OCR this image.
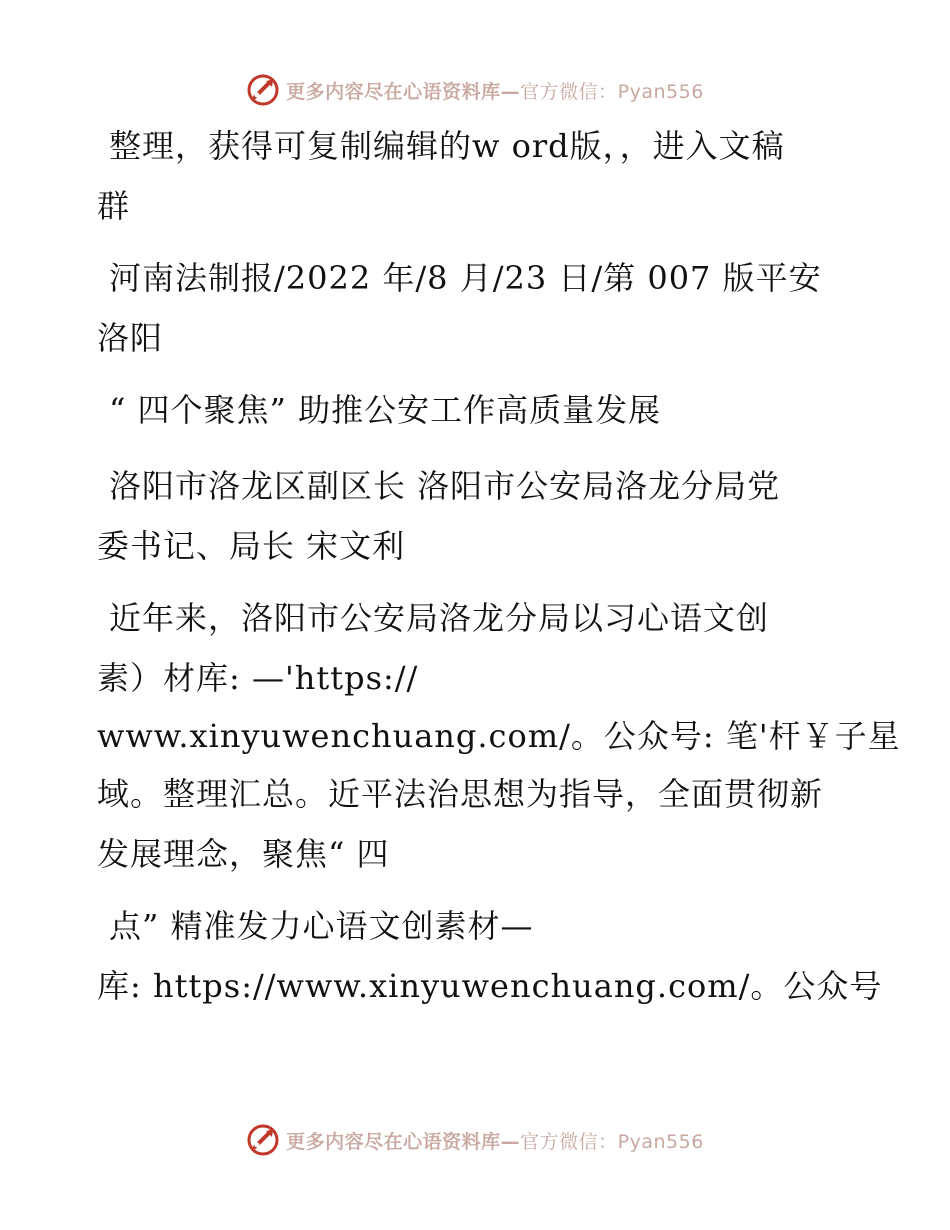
更多内容尽在心语资料库—官方微信：Pyan556
整理，获得可复制编辑的w ord版，，进入文稿
群
河南法制报/2022 年/8 月/23 日/第 007 版平安
洛阳
“ 四个聚焦” 助推公安工作高质量发展
洛阳市洛龙区副区长 洛阳市公安局洛龙分局党
委书记、局长 宋文利
近年来，洛阳市公安局洛龙分局以习心语文创
素）材库: —'https://
www.xinyuwenchuang.com/。公众号: 笔'杆￥子星
域。整理汇总。近平法治思想为指导，全面贯彻新
发展理念，聚焦“ 四
点” 精准发力心语文创素材—
库: https://www.xinyuwenchuang.com/。公众号
更多内容尽在心语资料库—官方微信：Pyan556
